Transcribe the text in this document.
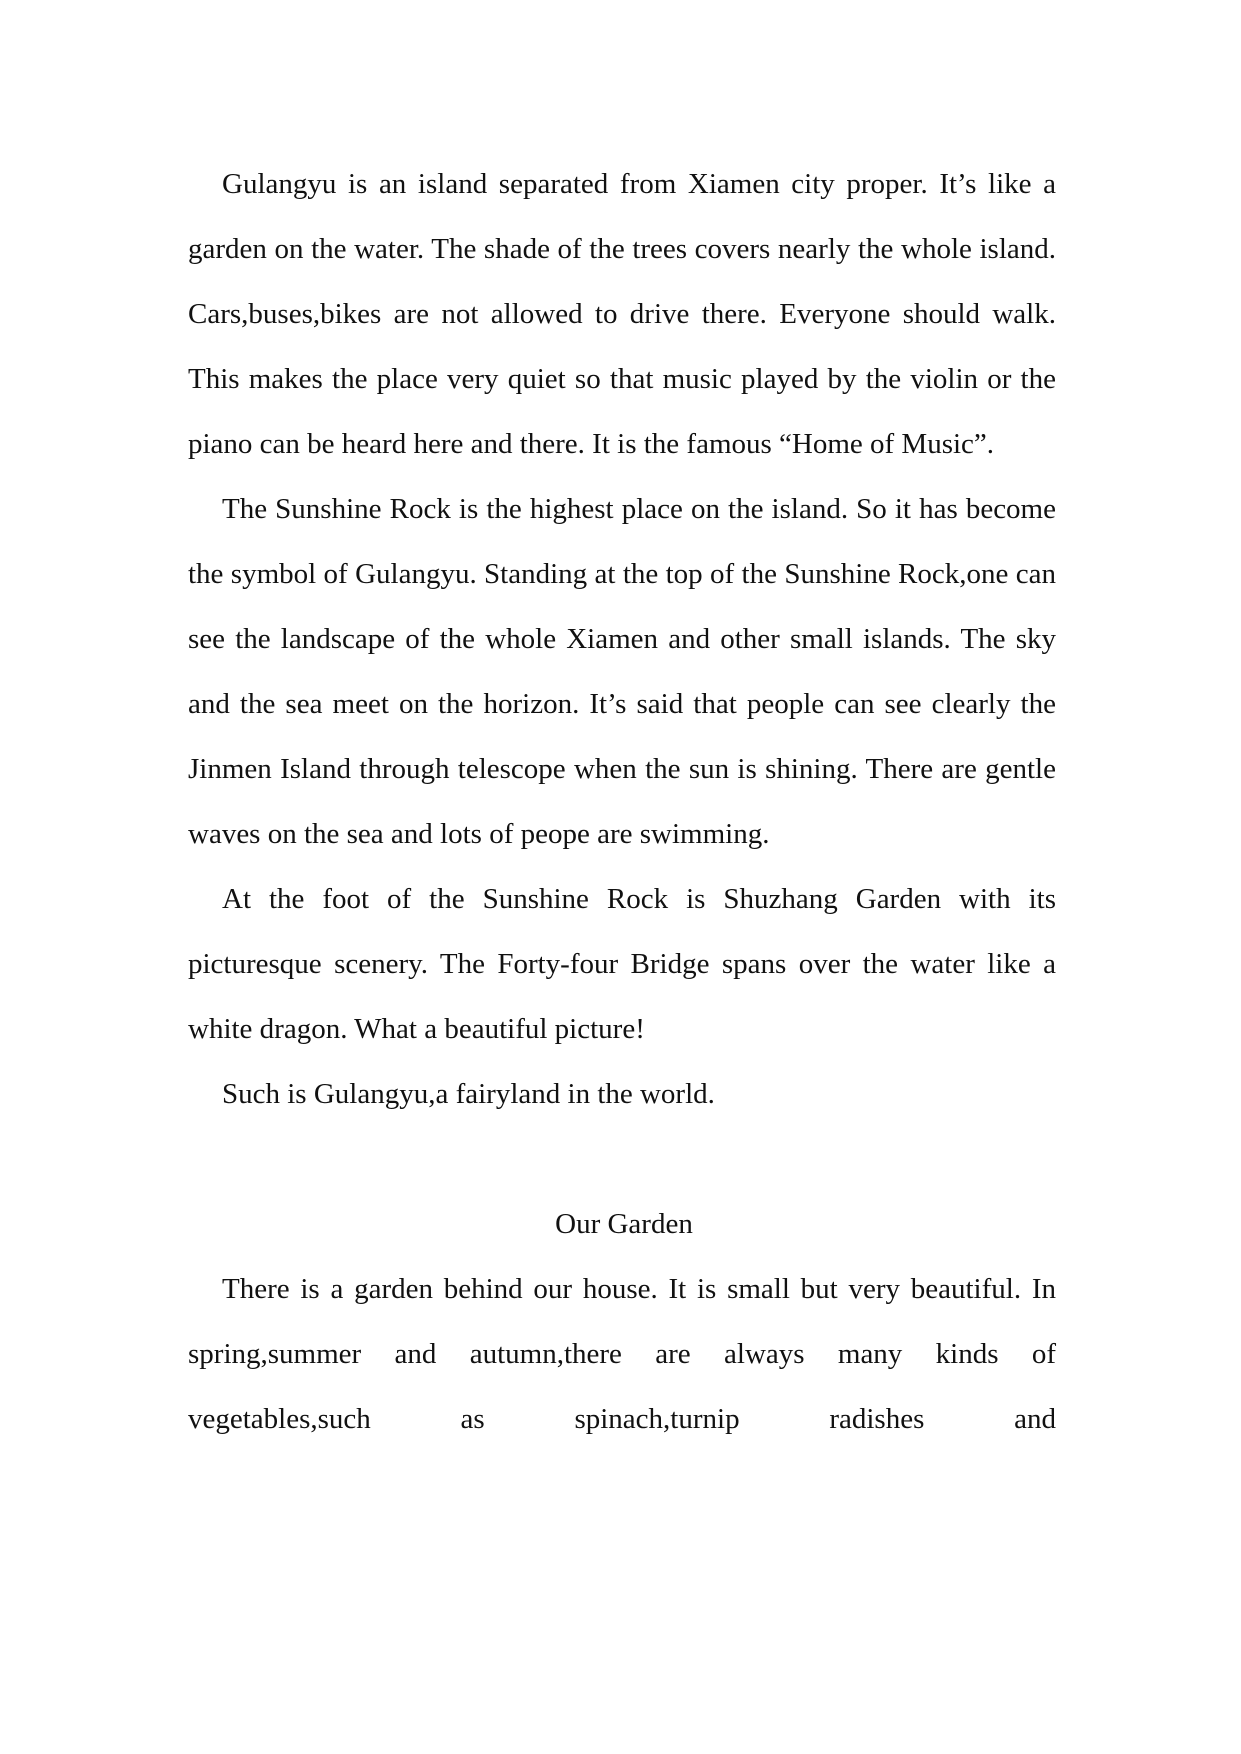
Gulangyu is an island separated from Xiamen city proper. It’s like a garden on the water. The shade of the trees covers nearly the whole island. Cars,buses,bikes are not allowed to drive there. Everyone should walk. This makes the place very quiet so that music played by the violin or the piano can be heard here and there. It is the famous “Home of Music”.

The Sunshine Rock is the highest place on the island. So it has become the symbol of Gulangyu. Standing at the top of the Sunshine Rock,one can see the landscape of the whole Xiamen and other small islands. The sky and the sea meet on the horizon. It’s said that people can see clearly the Jinmen Island through telescope when the sun is shining. There are gentle waves on the sea and lots of peope are swimming.

At the foot of the Sunshine Rock is Shuzhang Garden with its picturesque scenery. The Forty-four Bridge spans over the water like a white dragon. What a beautiful picture!

Such is Gulangyu,a fairyland in the world.

Our Garden

There is a garden behind our house. It is small but very beautiful. In spring,summer and autumn,there are always many kinds of vegetables,such as spinach,turnip radishes and
